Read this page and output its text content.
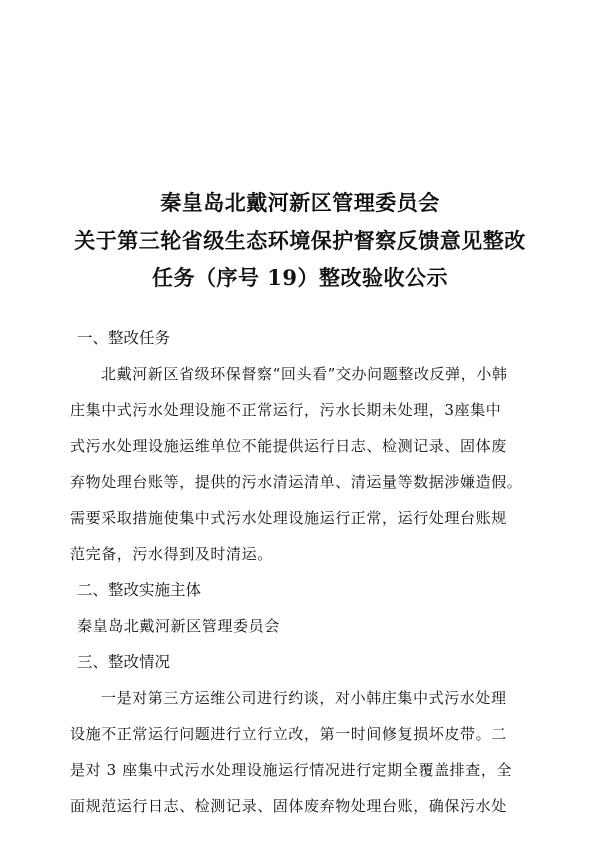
秦皇岛北戴河新区管理委员会
关于第三轮省级生态环境保护督察反馈意见整改
任务（序号 19）整改验收公示
一、整改任务
北戴河新区省级环保督察“回头看”交办问题整改反弹，小韩
庄集中式污水处理设施不正常运行，污水长期未处理，3座集中
式污水处理设施运维单位不能提供运行日志、检测记录、固体废
弃物处理台账等，提供的污水清运清单、清运量等数据涉嫌造假。
需要采取措施使集中式污水处理设施运行正常，运行处理台账规
范完备，污水得到及时清运。
二、整改实施主体
秦皇岛北戴河新区管理委员会
三、整改情况
一是对第三方运维公司进行约谈，对小韩庄集中式污水处理
设施不正常运行问题进行立行立改，第一时间修复损坏皮带。二
是对 3 座集中式污水处理设施运行情况进行定期全覆盖排查，全
面规范运行日志、检测记录、固体废弃物处理台账，确保污水处
